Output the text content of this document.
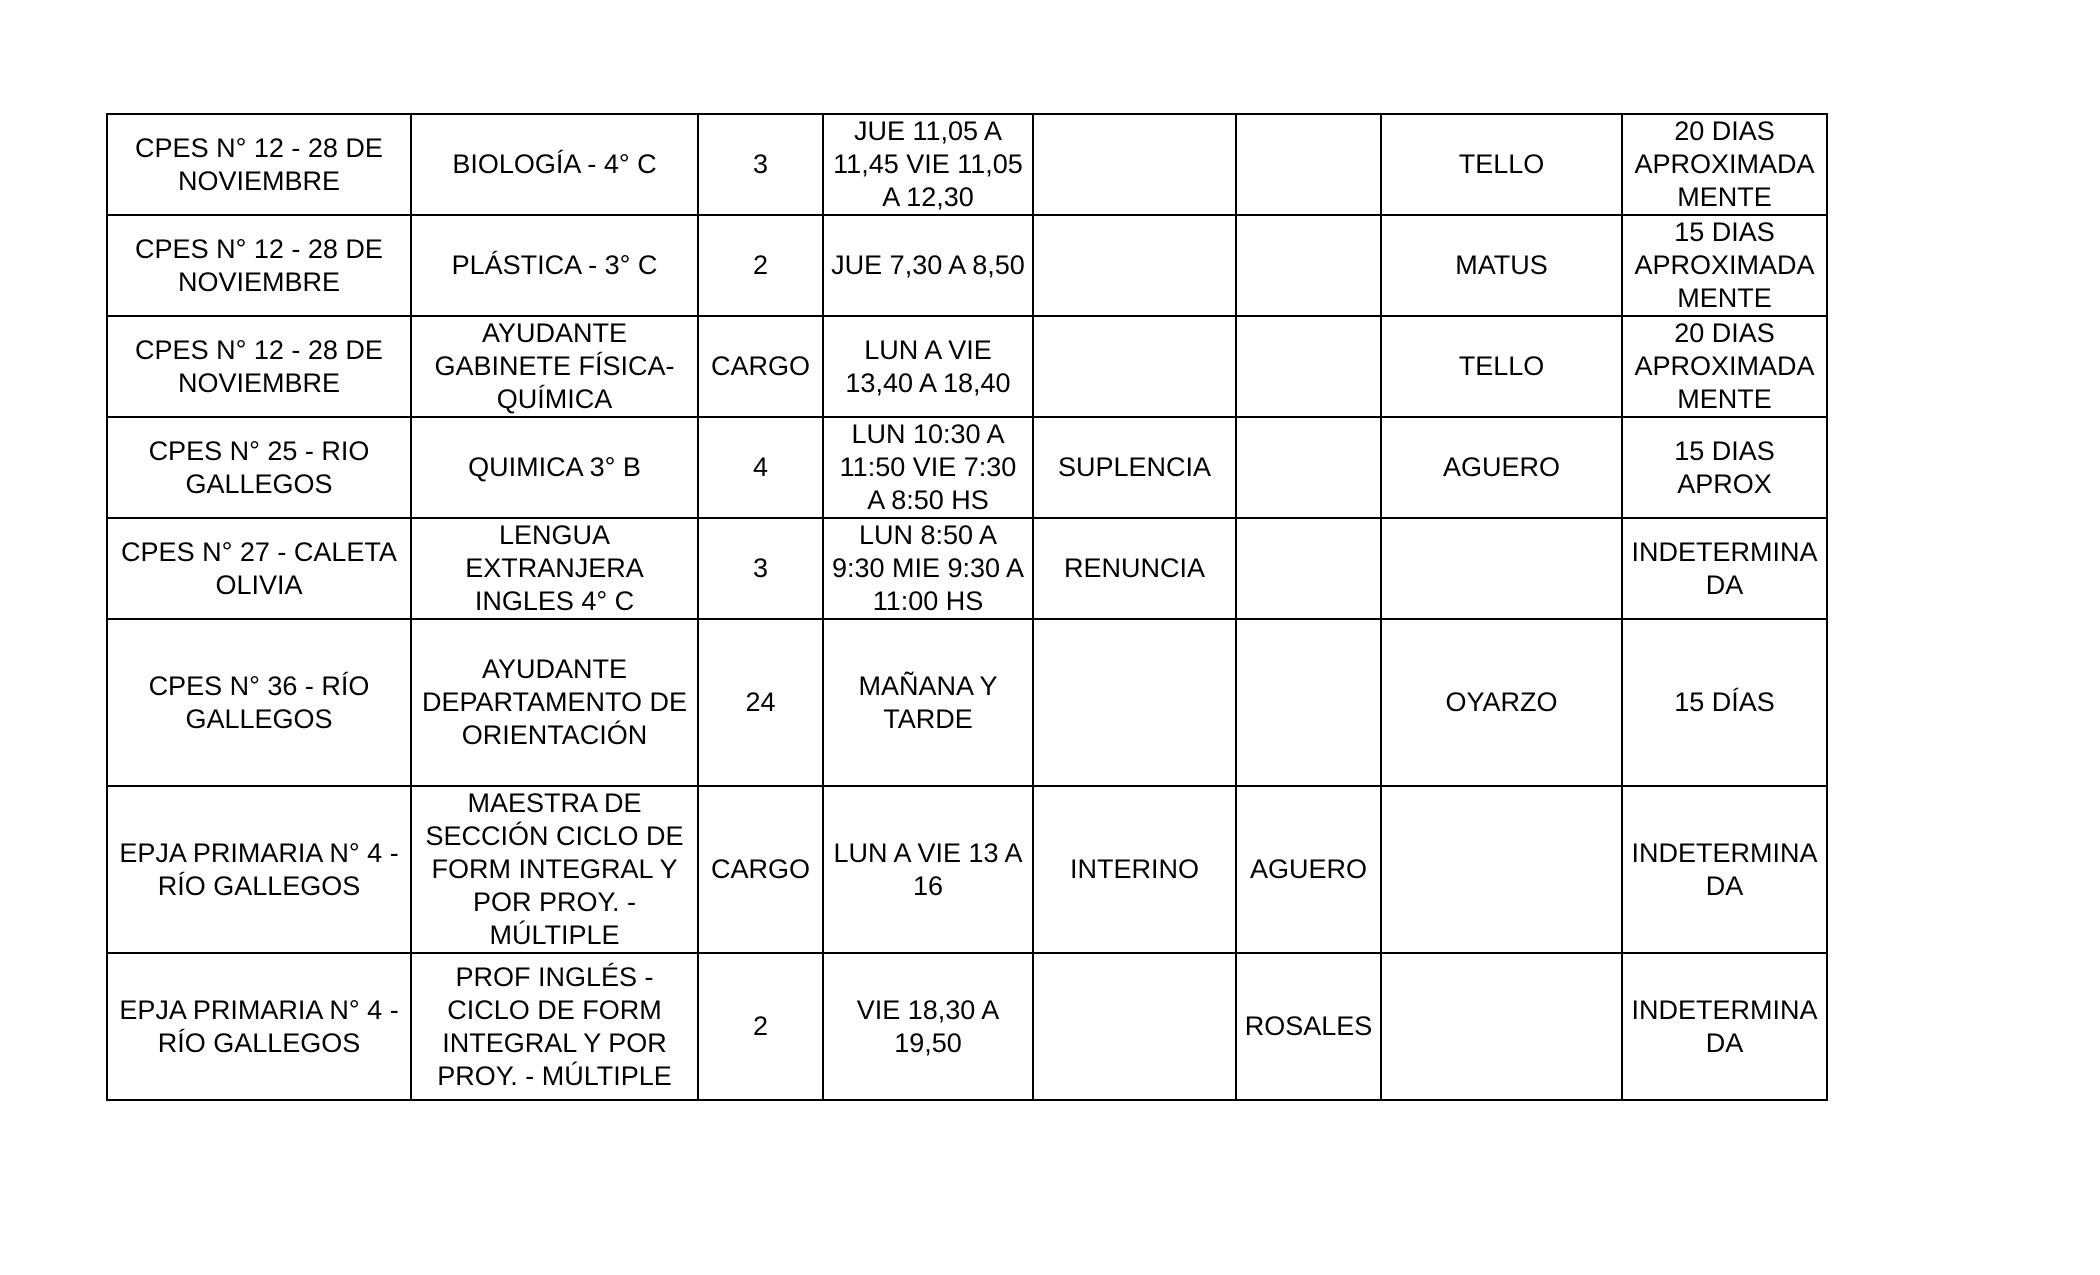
CPES N° 12 - 28 DE NOVIEMBRE	BIOLOGÍA - 4° C	3	JUE 11,05 A 11,45 VIE 11,05 A 12,30			TELLO	20 DIAS APROXIMADA MENTE
CPES N° 12 - 28 DE NOVIEMBRE	PLÁSTICA - 3° C	2	JUE 7,30 A 8,50			MATUS	15 DIAS APROXIMADA MENTE
CPES N° 12 - 28 DE NOVIEMBRE	AYUDANTE GABINETE FÍSICA-QUÍMICA	CARGO	LUN A VIE 13,40 A 18,40			TELLO	20 DIAS APROXIMADA MENTE
CPES N° 25 - RIO GALLEGOS	QUIMICA 3° B	4	LUN 10:30 A 11:50 VIE 7:30 A 8:50 HS	SUPLENCIA		AGUERO	15 DIAS APROX
CPES N° 27 - CALETA OLIVIA	LENGUA EXTRANJERA INGLES 4° C	3	LUN 8:50 A 9:30 MIE 9:30 A 11:00 HS	RENUNCIA			INDETERMINA DA
CPES N° 36 - RÍO GALLEGOS	AYUDANTE DEPARTAMENTO DE ORIENTACIÓN	24	MAÑANA Y TARDE			OYARZO	15 DÍAS
EPJA PRIMARIA N° 4 - RÍO GALLEGOS	MAESTRA DE SECCIÓN CICLO DE FORM INTEGRAL Y POR PROY. - MÚLTIPLE	CARGO	LUN A VIE 13 A 16	INTERINO	AGUERO		INDETERMINA DA
EPJA PRIMARIA N° 4 - RÍO GALLEGOS	PROF INGLÉS - CICLO DE FORM INTEGRAL Y POR PROY. - MÚLTIPLE	2	VIE 18,30 A 19,50		ROSALES		INDETERMINA DA
